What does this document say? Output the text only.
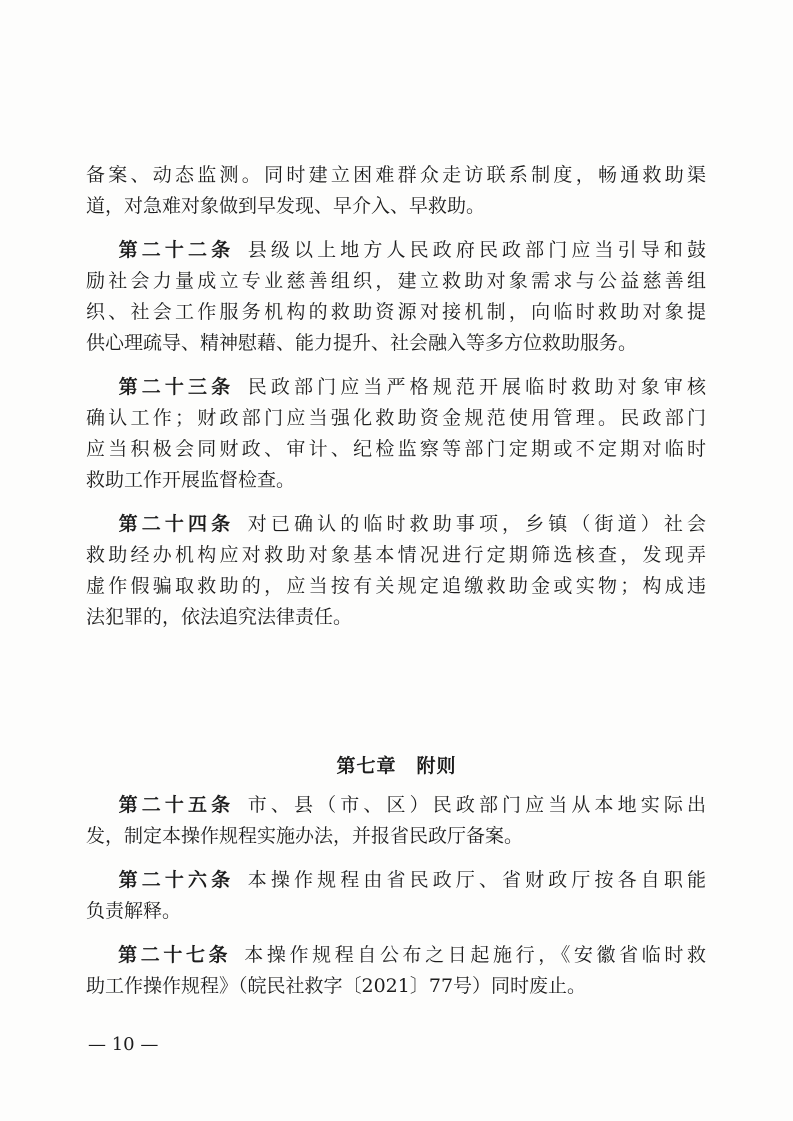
备案、动态监测。同时建立困难群众走访联系制度，畅通救助渠
道，对急难对象做到早发现、早介入、早救助。
  第二十二条  县级以上地方人民政府民政部门应当引导和鼓
励社会力量成立专业慈善组织，建立救助对象需求与公益慈善组
织、社会工作服务机构的救助资源对接机制，向临时救助对象提
供心理疏导、精神慰藉、能力提升、社会融入等多方位救助服务。
  第二十三条  民政部门应当严格规范开展临时救助对象审核
确认工作；财政部门应当强化救助资金规范使用管理。民政部门
应当积极会同财政、审计、纪检监察等部门定期或不定期对临时
救助工作开展监督检查。
  第二十四条  对已确认的临时救助事项，乡镇（街道）社会
救助经办机构应对救助对象基本情况进行定期筛选核查，发现弄
虚作假骗取救助的，应当按有关规定追缴救助金或实物；构成违
法犯罪的，依法追究法律责任。
第七章　附则
  第二十五条  市、县（市、区）民政部门应当从本地实际出
发，制定本操作规程实施办法，并报省民政厅备案。
  第二十六条  本操作规程由省民政厅、省财政厅按各自职能
负责解释。
  第二十七条  本操作规程自公布之日起施行，《安徽省临时救
助工作操作规程》（皖民社救字〔2021〕77号）同时废止。
— 10 —
